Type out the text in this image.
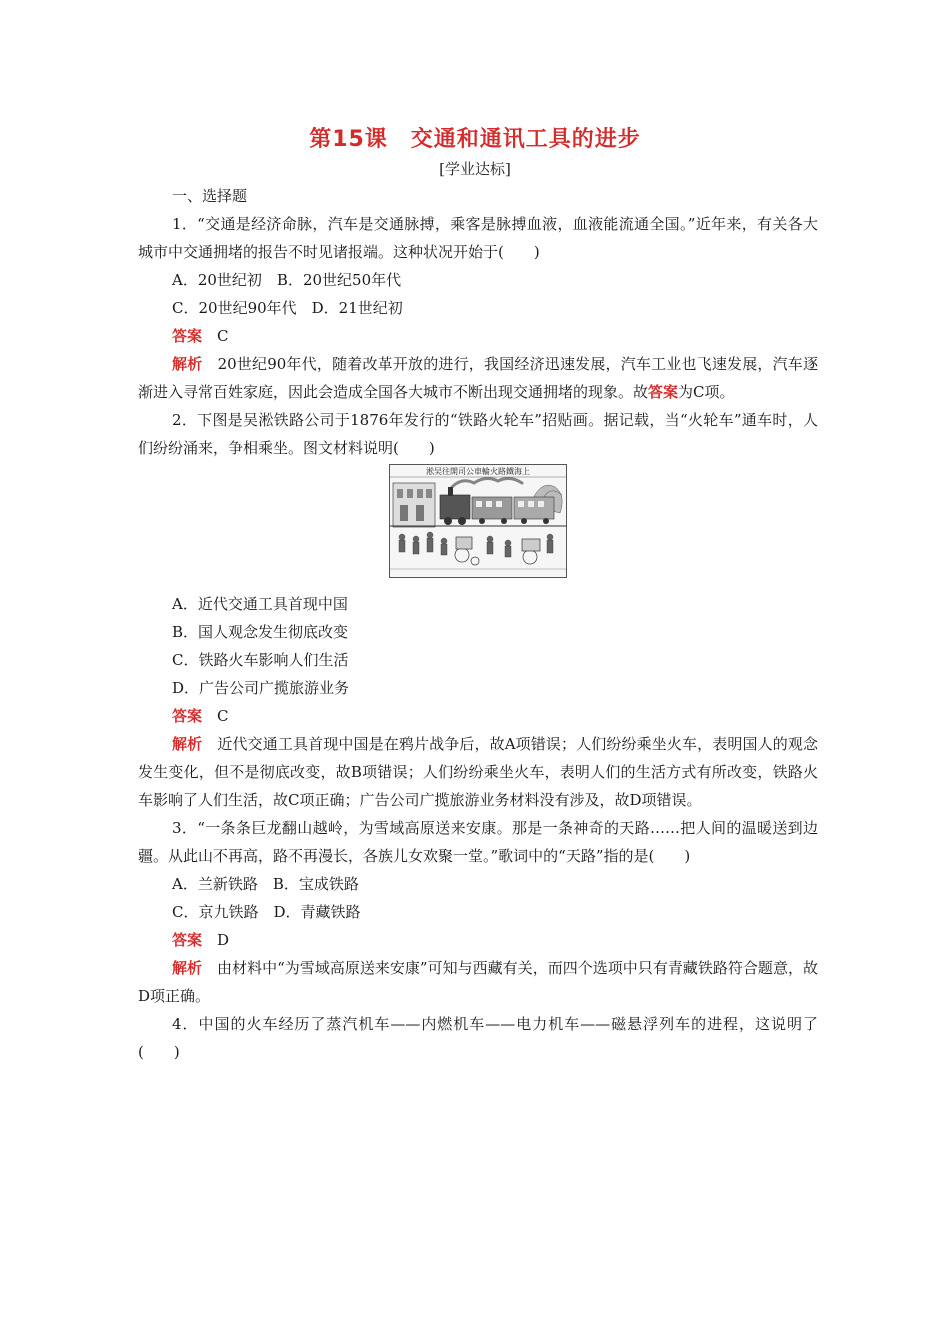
第15课　交通和通讯工具的进步
[学业达标]

一、选择题

1．“交通是经济命脉，汽车是交通脉搏，乘客是脉搏血液，血液能流通全国。”近年来，有关各大城市中交通拥堵的报告不时见诸报端。这种状况开始于(　　)

A．20世纪初　B．20世纪50年代

C．20世纪90年代　D．21世纪初

答案　 C

解析　 20世纪90年代，随着改革开放的进行，我国经济迅速发展，汽车工业也飞速发展，汽车逐渐进入寻常百姓家庭，因此会造成全国各大城市不断出现交通拥堵的现象。故答案为C项。

2．下图是吴淞铁路公司于1876年发行的“铁路火轮车”招贴画。据记载，当“火轮车”通车时，人们纷纷涌来，争相乘坐。图文材料说明(　　)

淞吴往開司公車輪火路鐵海上

A．近代交通工具首现中国

B．国人观念发生彻底改变

C．铁路火车影响人们生活

D．广告公司广揽旅游业务

答案　 C

解析　 近代交通工具首现中国是在鸦片战争后，故A项错误；人们纷纷乘坐火车，表明国人的观念发生变化，但不是彻底改变，故B项错误；人们纷纷乘坐火车，表明人们的生活方式有所改变，铁路火车影响了人们生活，故C项正确；广告公司广揽旅游业务材料没有涉及，故D项错误。

3．“一条条巨龙翻山越岭，为雪域高原送来安康。那是一条神奇的天路……把人间的温暖送到边疆。从此山不再高，路不再漫长，各族儿女欢聚一堂。”歌词中的“天路”指的是(　　)

A．兰新铁路　B．宝成铁路

C．京九铁路　D．青藏铁路

答案　 D

解析　 由材料中“为雪域高原送来安康”可知与西藏有关，而四个选项中只有青藏铁路符合题意，故D项正确。

4．中国的火车经历了蒸汽机车——内燃机车——电力机车——磁悬浮列车的进程，这说明了(　　)
